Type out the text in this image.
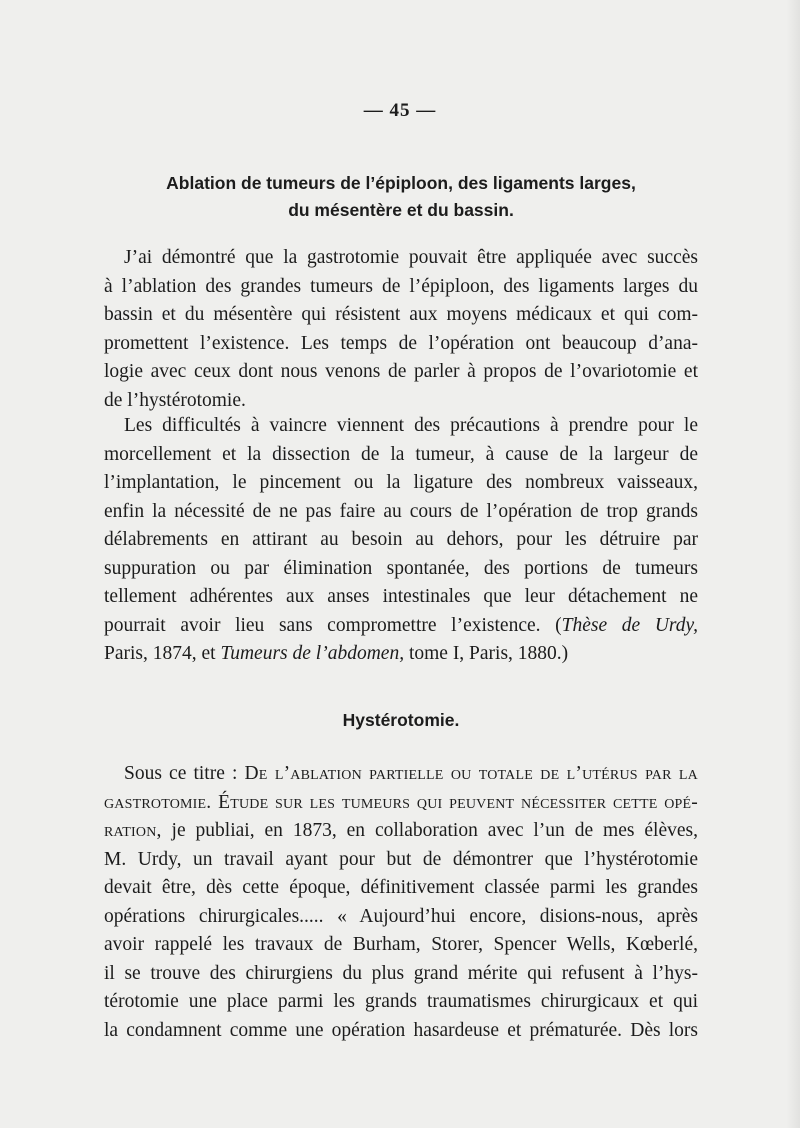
— 45 —
Ablation de tumeurs de l’épiploon, des ligaments larges,
du mésentère et du bassin.
J’ai démontré que la gastrotomie pouvait être appliquée avec succès
à l’ablation des grandes tumeurs de l’épiploon, des ligaments larges du
bassin et du mésentère qui résistent aux moyens médicaux et qui com-
promettent l’existence. Les temps de l’opération ont beaucoup d’ana-
logie avec ceux dont nous venons de parler à propos de l’ovariotomie et
de l’hystérotomie.
Les difficultés à vaincre viennent des précautions à prendre pour le
morcellement et la dissection de la tumeur, à cause de la largeur de
l’implantation, le pincement ou la ligature des nombreux vaisseaux,
enfin la nécessité de ne pas faire au cours de l’opération de trop grands
délabrements en attirant au besoin au dehors, pour les détruire par
suppuration ou par élimination spontanée, des portions de tumeurs
tellement adhérentes aux anses intestinales que leur détachement ne
pourrait avoir lieu sans compromettre l’existence. (Thèse de Urdy,
Paris, 1874, et Tumeurs de l’abdomen, tome I, Paris, 1880.)
Hystérotomie.
Sous ce titre : De l’ablation partielle ou totale de l’utérus par la
gastrotomie. Étude sur les tumeurs qui peuvent nécessiter cette opé-
ration, je publiai, en 1873, en collaboration avec l’un de mes élèves,
M. Urdy, un travail ayant pour but de démontrer que l’hystérotomie
devait être, dès cette époque, définitivement classée parmi les grandes
opérations chirurgicales..... « Aujourd’hui encore, disions-nous, après
avoir rappelé les travaux de Burham, Storer, Spencer Wells, Kœberlé,
il se trouve des chirurgiens du plus grand mérite qui refusent à l’hys-
térotomie une place parmi les grands traumatismes chirurgicaux et qui
la condamnent comme une opération hasardeuse et prématurée. Dès lors
